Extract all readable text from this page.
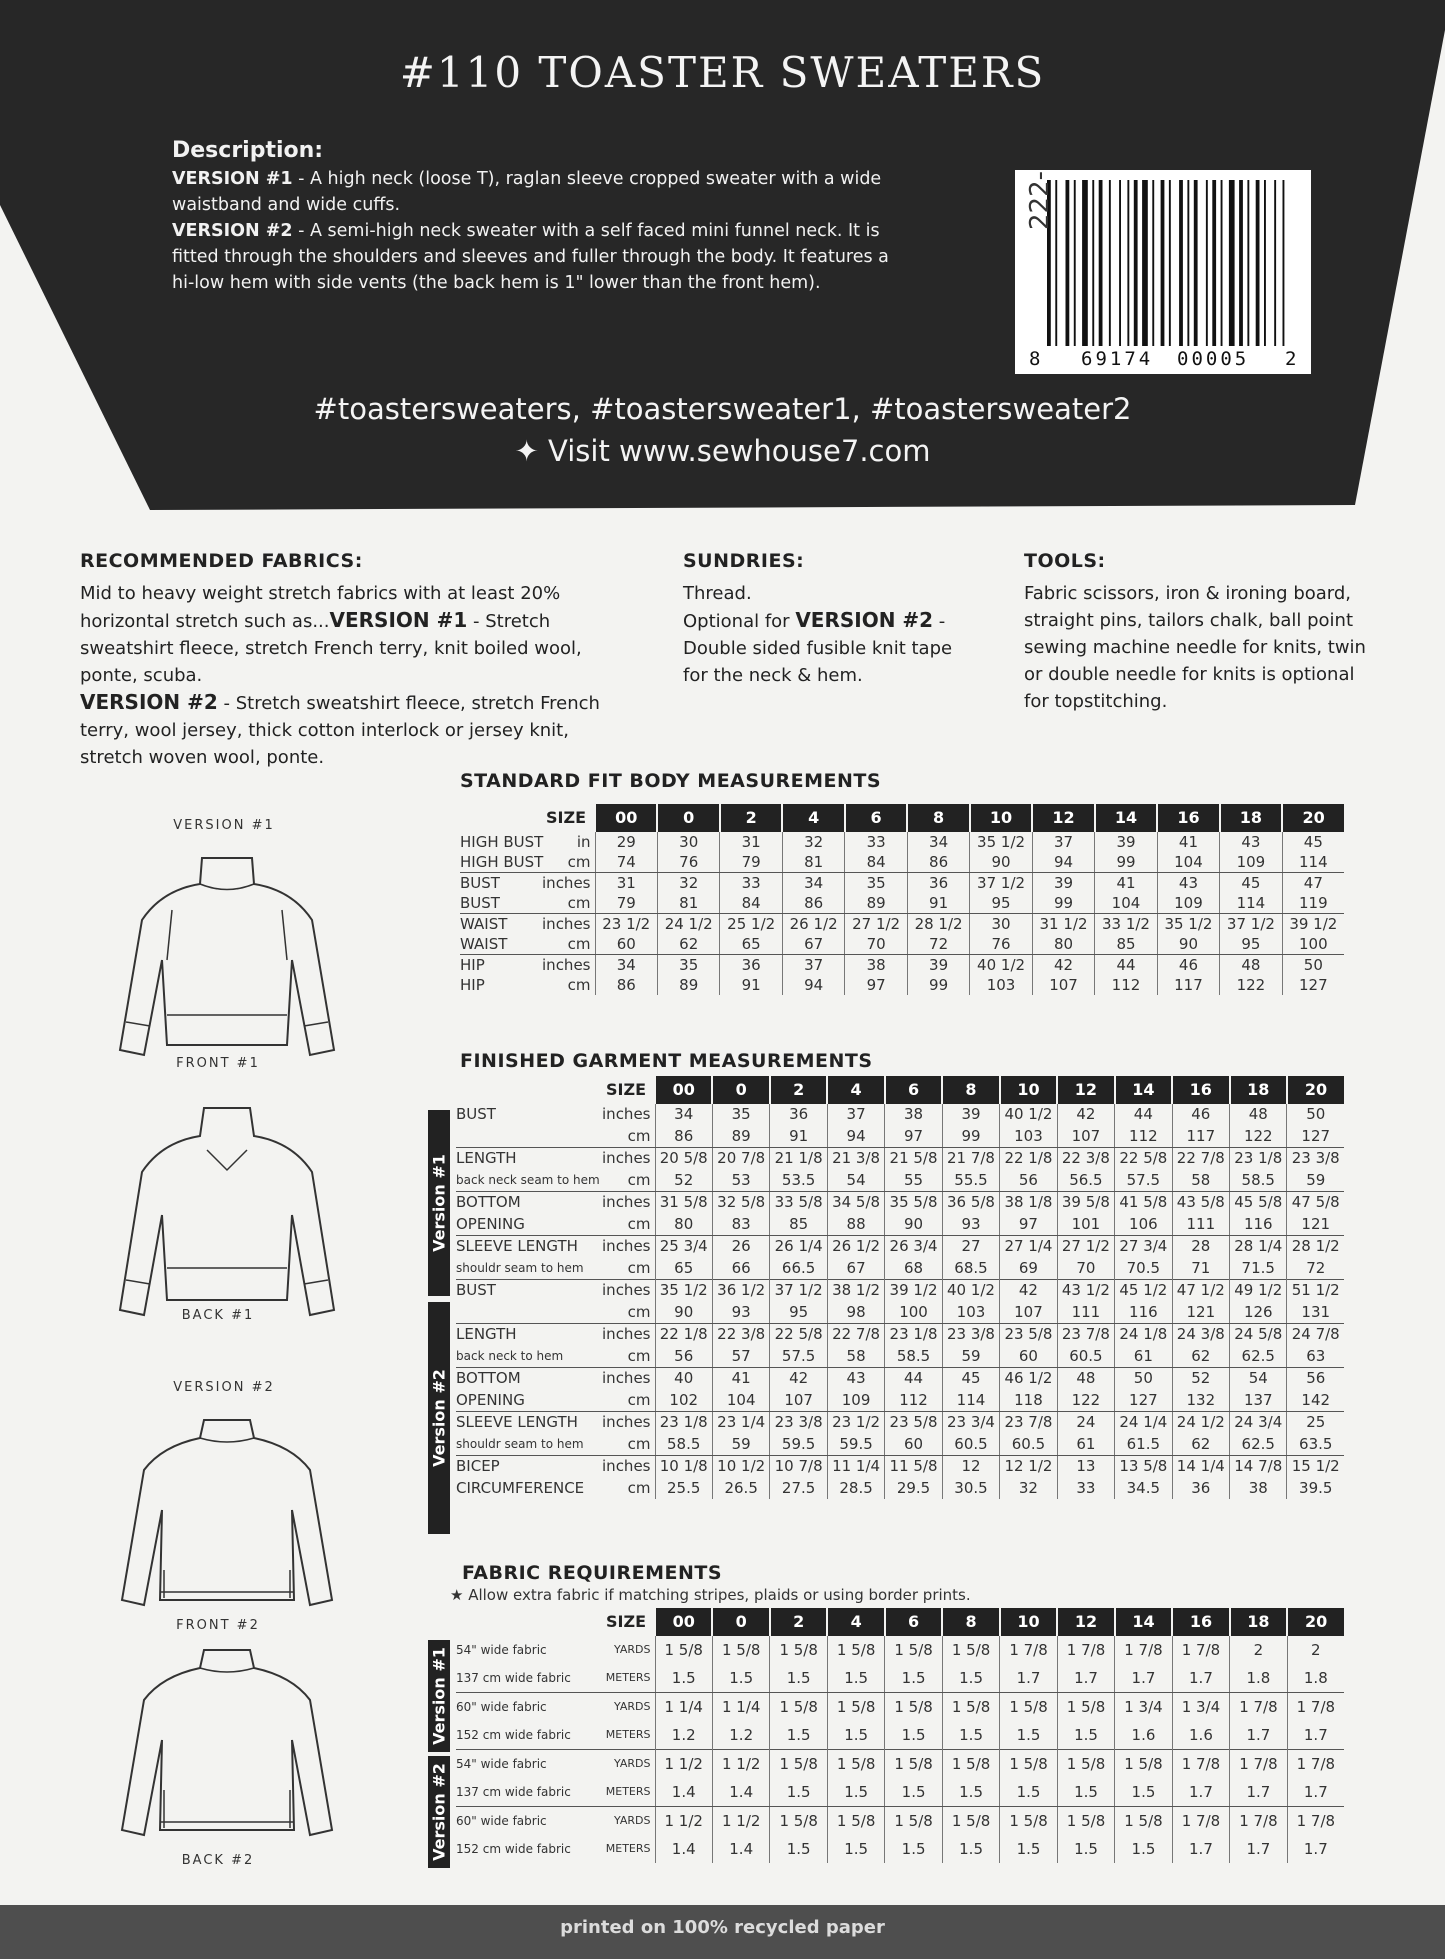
#110 TOASTER SWEATERS
Description:
VERSION #1 - A high neck (loose T), raglan sleeve cropped sweater with a wide waistband and wide cuffs.
VERSION #2 - A semi-high neck sweater with a self faced mini funnel neck. It is fitted through the shoulders and sleeves and fuller through the body. It features a hi-low hem with side vents (the back hem is 1" lower than the front hem).
222-
8 69174 00005 2
#toastersweaters, #toastersweater1, #toastersweater2
✦ Visit www.sewhouse7.com
RECOMMENDED FABRICS:
Mid to heavy weight stretch fabrics with at least 20% horizontal stretch such as...VERSION #1 - Stretch sweatshirt fleece, stretch French terry, knit boiled wool, ponte, scuba.
VERSION #2 - Stretch sweatshirt fleece, stretch French terry, wool jersey, thick cotton interlock or jersey knit, stretch woven wool, ponte.
SUNDRIES:
Thread.
Optional for VERSION #2 - Double sided fusible knit tape for the neck & hem.
TOOLS:
Fabric scissors, iron & ironing board, straight pins, tailors chalk, ball point sewing machine needle for knits, twin or double needle for knits is optional for topstitching.
VERSION #1
FRONT #1
BACK #1
VERSION #2
FRONT #2
BACK #2
STANDARD FIT BODY MEASUREMENTS
SIZE	00	0	2	4	6	8	10	12	14	16	18	20

HIGH BUST in	29	30	31	32	33	34	35 1/2	37	39	41	43	45

HIGH BUST cm	74	76	79	81	84	86	90	94	99	104	109	114

BUST inches	31	32	33	34	35	36	37 1/2	39	41	43	45	47

BUST cm	79	81	84	86	89	91	95	99	104	109	114	119

WAIST inches	23 1/2	24 1/2	25 1/2	26 1/2	27 1/2	28 1/2	30	31 1/2	33 1/2	35 1/2	37 1/2	39 1/2

WAIST cm	60	62	65	67	70	72	76	80	85	90	95	100

HIP inches	34	35	36	37	38	39	40 1/2	42	44	46	48	50

HIP cm	86	89	91	94	97	99	103	107	112	117	122	127
FINISHED GARMENT MEASUREMENTS
Version #1
Version #2
SIZE	00	0	2	4	6	8	10	12	14	16	18	20

BUST inches	34	35	36	37	38	39	40 1/2	42	44	46	48	50

cm	86	89	91	94	97	99	103	107	112	117	122	127

LENGTH inches	20 5/8	20 7/8	21 1/8	21 3/8	21 5/8	21 7/8	22 1/8	22 3/8	22 5/8	22 7/8	23 1/8	23 3/8

back neck seam to hem cm	52	53	53.5	54	55	55.5	56	56.5	57.5	58	58.5	59

BOTTOM inches	31 5/8	32 5/8	33 5/8	34 5/8	35 5/8	36 5/8	38 1/8	39 5/8	41 5/8	43 5/8	45 5/8	47 5/8

OPENING cm	80	83	85	88	90	93	97	101	106	111	116	121

SLEEVE LENGTH inches	25 3/4	26	26 1/4	26 1/2	26 3/4	27	27 1/4	27 1/2	27 3/4	28	28 1/4	28 1/2

shouldr seam to hem cm	65	66	66.5	67	68	68.5	69	70	70.5	71	71.5	72

BUST inches	35 1/2	36 1/2	37 1/2	38 1/2	39 1/2	40 1/2	42	43 1/2	45 1/2	47 1/2	49 1/2	51 1/2

cm	90	93	95	98	100	103	107	111	116	121	126	131

LENGTH inches	22 1/8	22 3/8	22 5/8	22 7/8	23 1/8	23 3/8	23 5/8	23 7/8	24 1/8	24 3/8	24 5/8	24 7/8

back neck to hem cm	56	57	57.5	58	58.5	59	60	60.5	61	62	62.5	63

BOTTOM inches	40	41	42	43	44	45	46 1/2	48	50	52	54	56

OPENING cm	102	104	107	109	112	114	118	122	127	132	137	142

SLEEVE LENGTH inches	23 1/8	23 1/4	23 3/8	23 1/2	23 5/8	23 3/4	23 7/8	24	24 1/4	24 1/2	24 3/4	25

shouldr seam to hem cm	58.5	59	59.5	59.5	60	60.5	60.5	61	61.5	62	62.5	63.5

BICEP inches	10 1/8	10 1/2	10 7/8	11 1/4	11 5/8	12	12 1/2	13	13 5/8	14 1/4	14 7/8	15 1/2

CIRCUMFERENCE cm	25.5	26.5	27.5	28.5	29.5	30.5	32	33	34.5	36	38	39.5
FABRIC REQUIREMENTS
★ Allow extra fabric if matching stripes, plaids or using border prints.
Version #1
Version #2
SIZE	00	0	2	4	6	8	10	12	14	16	18	20

54" wide fabric YARDS	1 5/8	1 5/8	1 5/8	1 5/8	1 5/8	1 5/8	1 7/8	1 7/8	1 7/8	1 7/8	2	2

137 cm wide fabric METERS	1.5	1.5	1.5	1.5	1.5	1.5	1.7	1.7	1.7	1.7	1.8	1.8

60" wide fabric YARDS	1 1/4	1 1/4	1 5/8	1 5/8	1 5/8	1 5/8	1 5/8	1 5/8	1 3/4	1 3/4	1 7/8	1 7/8

152 cm wide fabric METERS	1.2	1.2	1.5	1.5	1.5	1.5	1.5	1.5	1.6	1.6	1.7	1.7

54" wide fabric YARDS	1 1/2	1 1/2	1 5/8	1 5/8	1 5/8	1 5/8	1 5/8	1 5/8	1 5/8	1 7/8	1 7/8	1 7/8

137 cm wide fabric METERS	1.4	1.4	1.5	1.5	1.5	1.5	1.5	1.5	1.5	1.7	1.7	1.7

60" wide fabric YARDS	1 1/2	1 1/2	1 5/8	1 5/8	1 5/8	1 5/8	1 5/8	1 5/8	1 5/8	1 7/8	1 7/8	1 7/8

152 cm wide fabric METERS	1.4	1.4	1.5	1.5	1.5	1.5	1.5	1.5	1.5	1.7	1.7	1.7
printed on 100% recycled paper
